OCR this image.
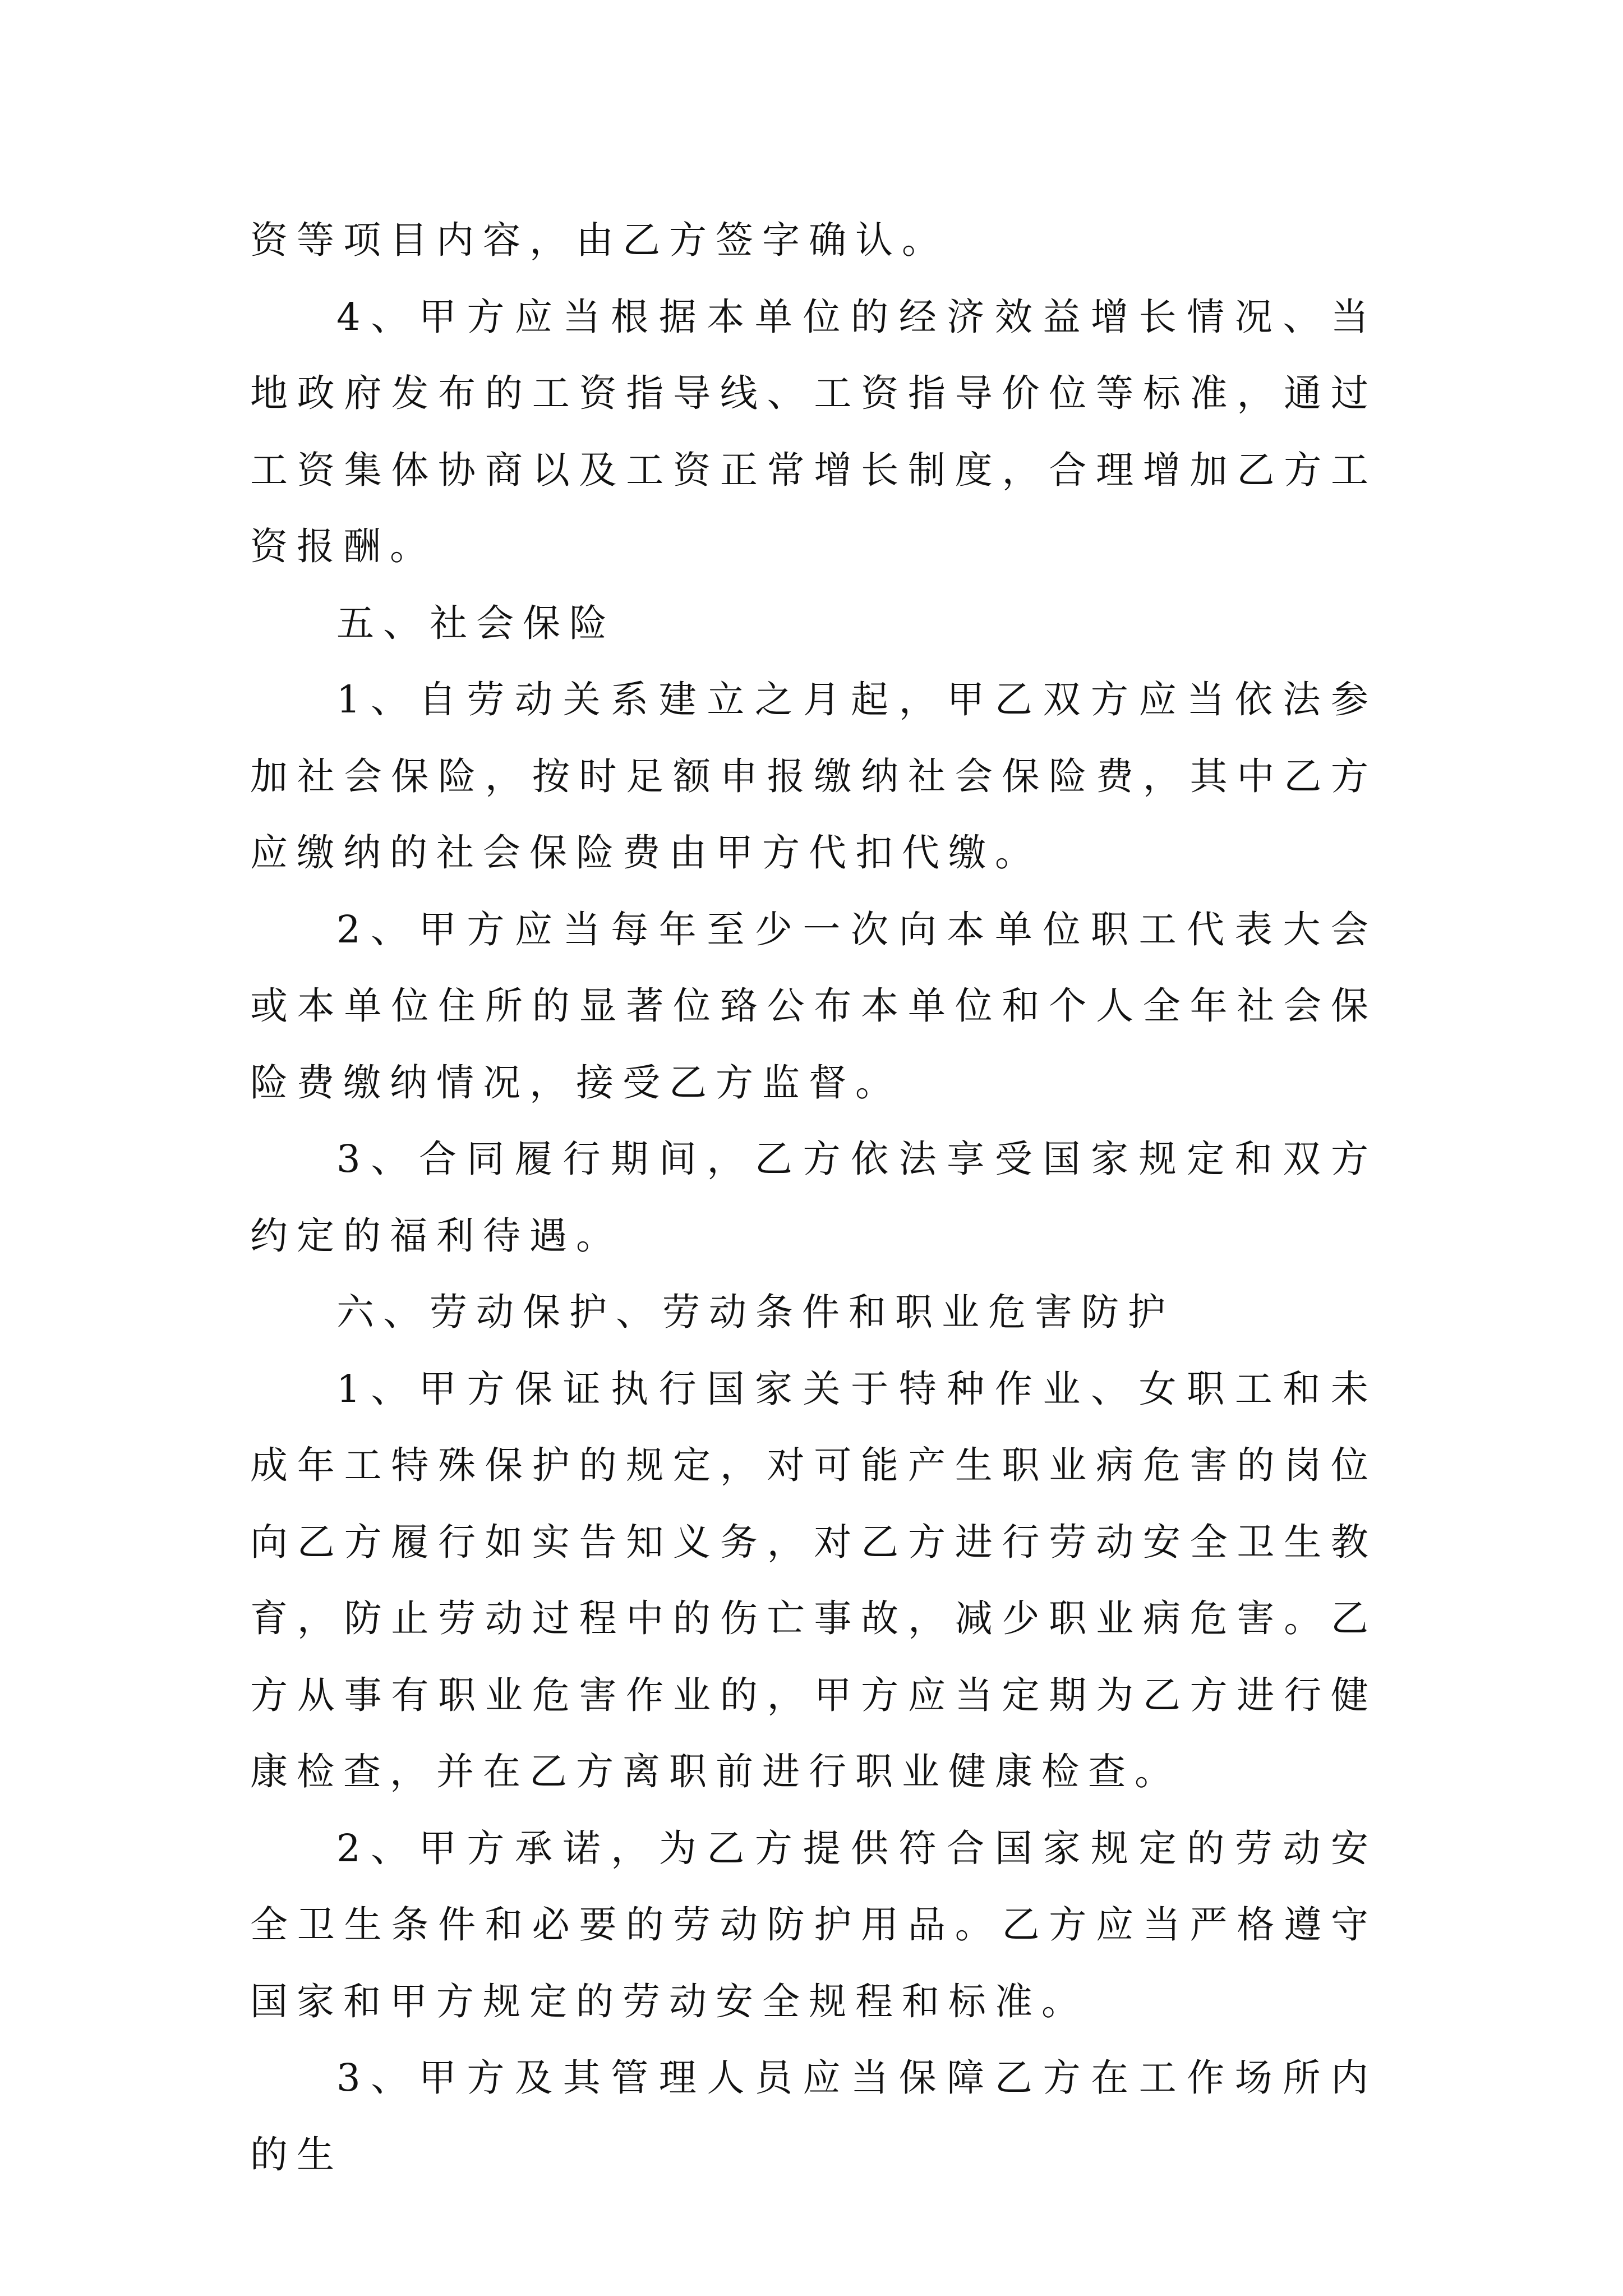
资等项目内容，由乙方签字确认。

4、甲方应当根据本单位的经济效益增长情况、当地政府发布的工资指导线、工资指导价位等标准，通过工资集体协商以及工资正常增长制度，合理增加乙方工资报酬。

五、社会保险

1、自劳动关系建立之月起，甲乙双方应当依法参加社会保险，按时足额申报缴纳社会保险费，其中乙方应缴纳的社会保险费由甲方代扣代缴。

2、甲方应当每年至少一次向本单位职工代表大会或本单位住所的显著位臵公布本单位和个人全年社会保险费缴纳情况，接受乙方监督。

3、合同履行期间，乙方依法享受国家规定和双方约定的福利待遇。

六、劳动保护、劳动条件和职业危害防护

1、甲方保证执行国家关于特种作业、女职工和未成年工特殊保护的规定，对可能产生职业病危害的岗位向乙方履行如实告知义务，对乙方进行劳动安全卫生教育，防止劳动过程中的伤亡事故，减少职业病危害。乙方从事有职业危害作业的，甲方应当定期为乙方进行健康检查，并在乙方离职前进行职业健康检查。

2、甲方承诺，为乙方提供符合国家规定的劳动安全卫生条件和必要的劳动防护用品。乙方应当严格遵守国家和甲方规定的劳动安全规程和标准。

3、甲方及其管理人员应当保障乙方在工作场所内的生
